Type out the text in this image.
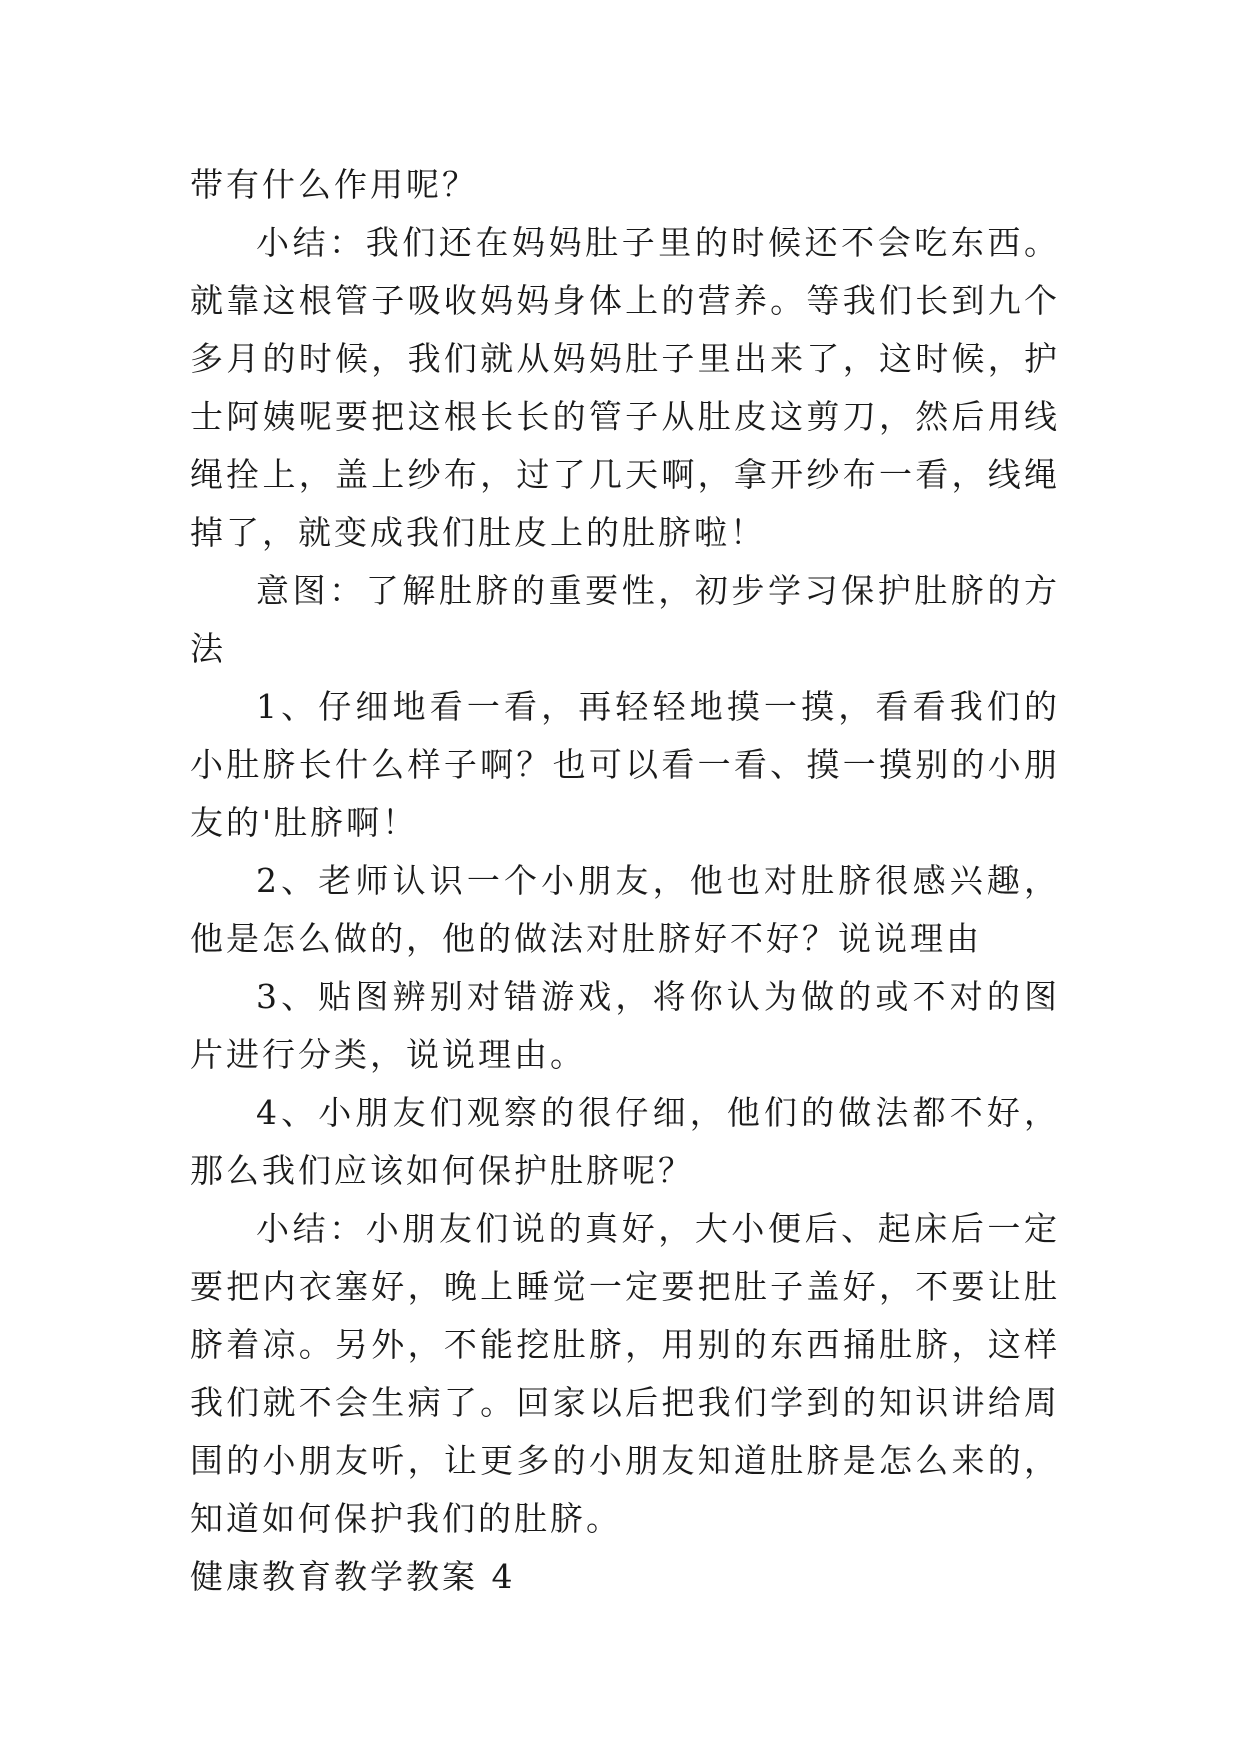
带有什么作用呢？

小结：我们还在妈妈肚子里的时候还不会吃东西。就靠这根管子吸收妈妈身体上的营养。等我们长到九个多月的时候，我们就从妈妈肚子里出来了，这时候，护士阿姨呢要把这根长长的管子从肚皮这剪刀，然后用线绳拴上，盖上纱布，过了几天啊，拿开纱布一看，线绳掉了，就变成我们肚皮上的肚脐啦！

意图：了解肚脐的重要性，初步学习保护肚脐的方法

1、仔细地看一看，再轻轻地摸一摸，看看我们的小肚脐长什么样子啊？也可以看一看、摸一摸别的小朋友的'肚脐啊！

2、老师认识一个小朋友，他也对肚脐很感兴趣，他是怎么做的，他的做法对肚脐好不好？说说理由

3、贴图辨别对错游戏，将你认为做的或不对的图片进行分类，说说理由。

4、小朋友们观察的很仔细，他们的做法都不好，那么我们应该如何保护肚脐呢？

小结：小朋友们说的真好，大小便后、起床后一定要把内衣塞好，晚上睡觉一定要把肚子盖好，不要让肚脐着凉。另外，不能挖肚脐，用别的东西捅肚脐，这样我们就不会生病了。回家以后把我们学到的知识讲给周围的小朋友听，让更多的小朋友知道肚脐是怎么来的，知道如何保护我们的肚脐。

健康教育教学教案 4
